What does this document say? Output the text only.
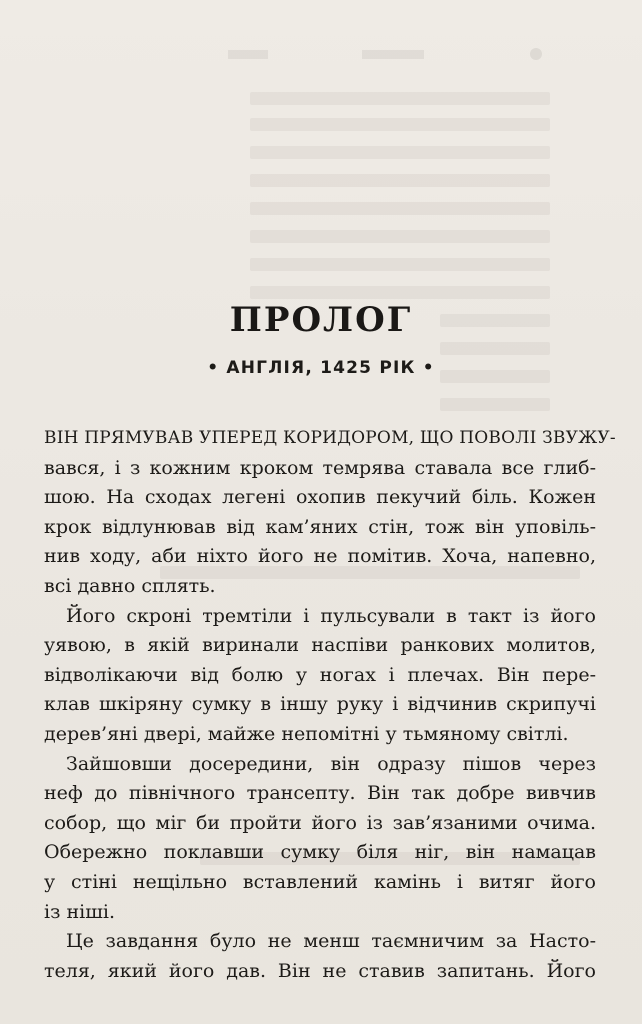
ПРОЛОГ
• АНГЛІЯ, 1425 РІК •
ВІН ПРЯМУВАВ УПЕРЕД КОРИДОРОМ, ЩО ПОВОЛІ ЗВУЖУ-
вався, і з кожним кроком темрява ставала все глиб-
шою. На сходах легені охопив пекучий біль. Кожен
крок відлунював від кам’яних стін, тож він уповіль-
нив ходу, аби ніхто його не помітив. Хоча, напевно,
всі давно сплять.
Його скроні тремтіли і пульсували в такт із його
уявою, в якій виринали наспіви ранкових молитов,
відволікаючи від болю у ногах і плечах. Він пере-
клав шкіряну сумку в іншу руку і відчинив скрипучі
дерев’яні двері, майже непомітні у тьмяному світлі.
Зайшовши досередини, він одразу пішов через
неф до північного трансепту. Він так добре вивчив
собор, що міг би пройти його із зав’язаними очима.
Обережно поклавши сумку біля ніг, він намацав
у стіні нещільно вставлений камінь і витяг його
із ніші.
Це завдання було не менш таємничим за Насто-
теля, який його дав. Він не ставив запитань. Його
